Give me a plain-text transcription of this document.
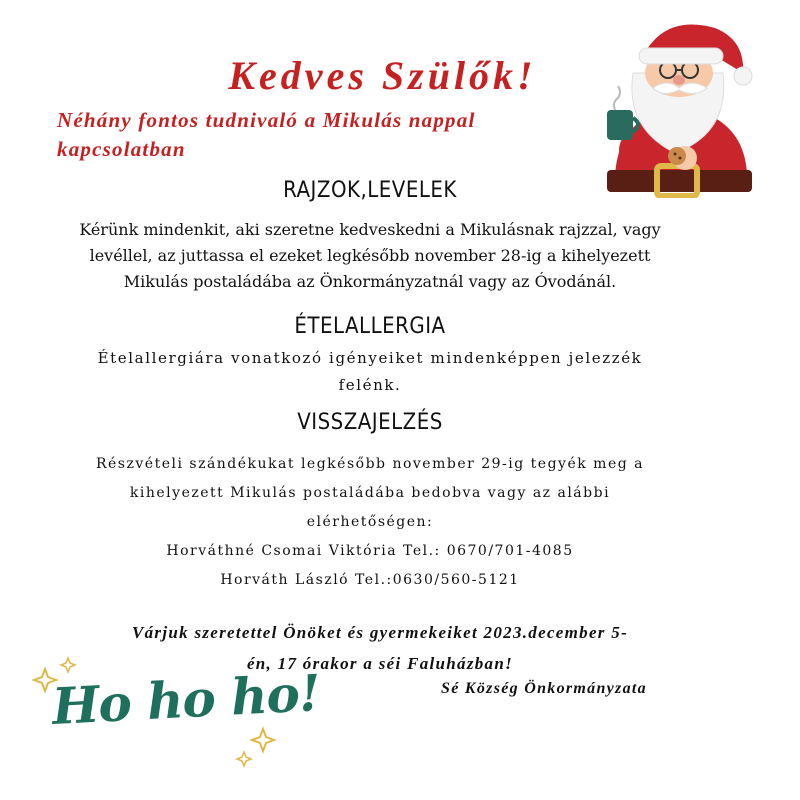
Kedves Szülők!
Néhány fontos tudnivaló a Mikulás nappal kapcsolatban
RAJZOK,LEVELEK
Kérünk mindenkit, aki szeretne kedveskedni a Mikulásnak rajzzal, vagy
levéllel, az juttassa el ezeket legkésőbb november 28-ig a kihelyezett
Mikulás postaládába az Önkormányzatnál vagy az Óvodánál.
ÉTELALLERGIA
Ételallergiára vonatkozó igényeiket mindenképpen jelezzék
felénk.
VISSZAJELZÉS
Részvételi szándékukat legkésőbb november 29-ig tegyék meg a
kihelyezett Mikulás postaládába bedobva vagy az alábbi
elérhetőségen:
Horváthné Csomai Viktória Tel.: 0670/701-4085
Horváth László Tel.:0630/560-5121
Várjuk szeretettel Önöket és gyermekeiket 2023.december 5-
én, 17 órakor a séi Faluházban!
Sé Község Önkormányzata
Ho ho ho!
